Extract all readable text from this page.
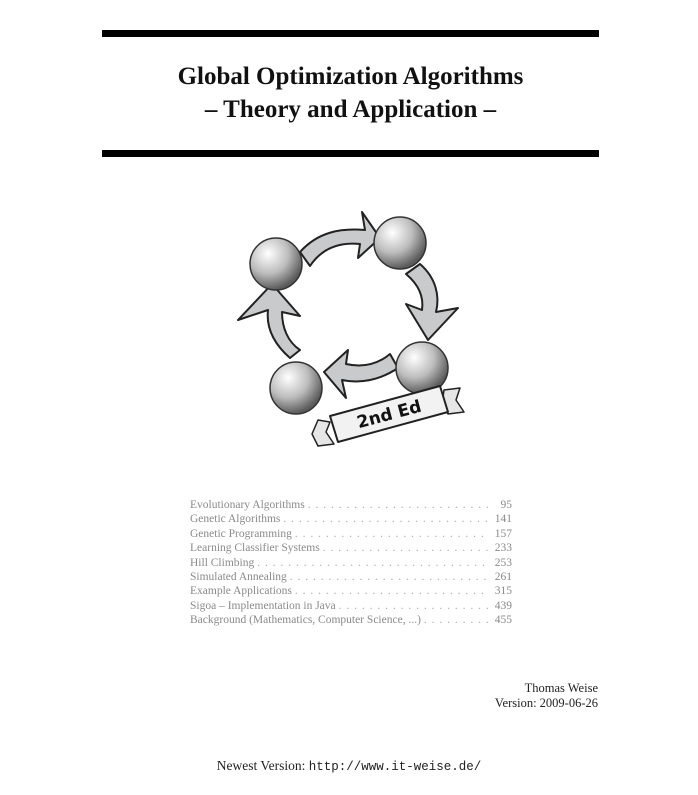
Global Optimization Algorithms
– Theory and Application –
2nd Ed
Evolutionary Algorithms . . .	95
Genetic Algorithms . . .	141
Genetic Programming . . .	157
Learning Classifier Systems . . .	233
Hill Climbing . . .	253
Simulated Annealing . . .	261
Example Applications . . .	315
Sigoa – Implementation in Java . . .	439
Background (Mathematics, Computer Science, ...) . . .	455
Thomas Weise
Version: 2009-06-26
Newest Version: http://www.it-weise.de/
